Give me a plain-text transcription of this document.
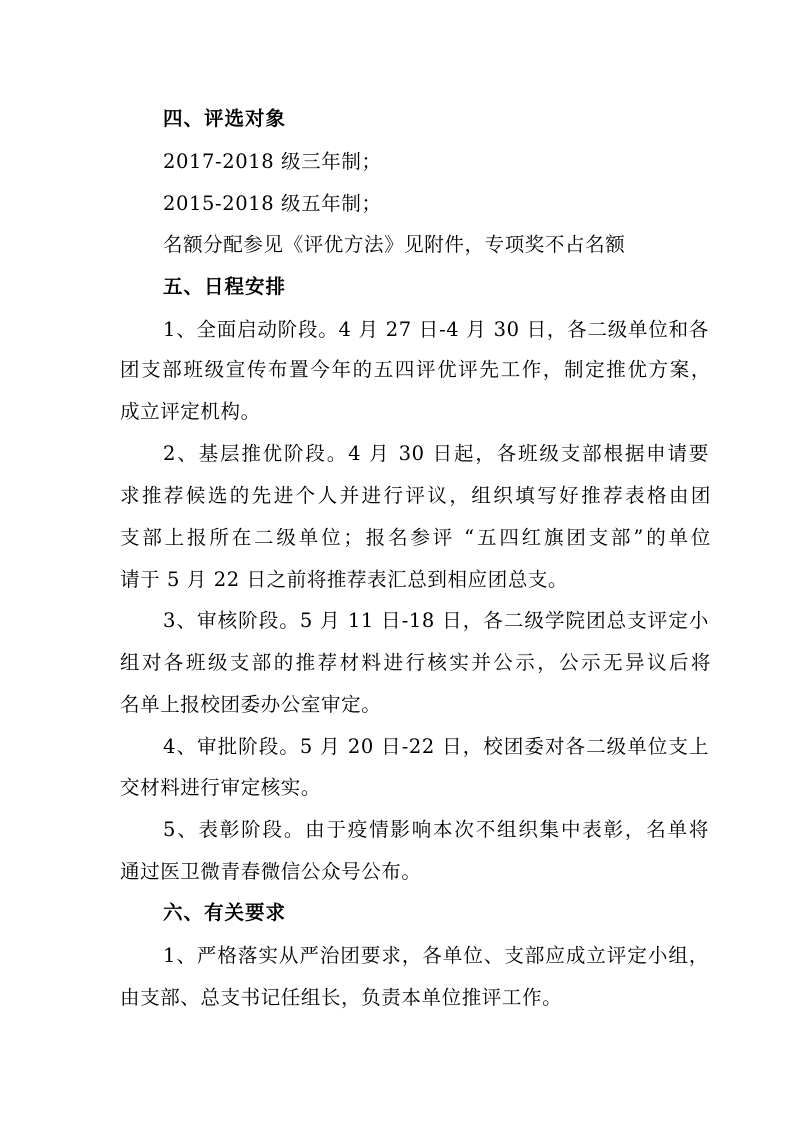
四、评选对象
2017-2018 级三年制；
2015-2018 级五年制；
名额分配参见《评优方法》见附件，专项奖不占名额
五、日程安排
1、全面启动阶段。4 月 27 日-4 月 30 日，各二级单位和各
团支部班级宣传布置今年的五四评优评先工作，制定推优方案，
成立评定机构。
2、基层推优阶段。4 月 30 日起，各班级支部根据申请要
求推荐候选的先进个人并进行评议，组织填写好推荐表格由团
支部上报所在二级单位；报名参评 “五四红旗团支部”的单位
请于 5 月 22 日之前将推荐表汇总到相应团总支。
3、审核阶段。5 月 11 日-18 日，各二级学院团总支评定小
组对各班级支部的推荐材料进行核实并公示，公示无异议后将
名单上报校团委办公室审定。
4、审批阶段。5 月 20 日-22 日，校团委对各二级单位支上
交材料进行审定核实。
5、表彰阶段。由于疫情影响本次不组织集中表彰，名单将
通过医卫微青春微信公众号公布。
六、有关要求
1、严格落实从严治团要求，各单位、支部应成立评定小组，
由支部、总支书记任组长，负责本单位推评工作。
